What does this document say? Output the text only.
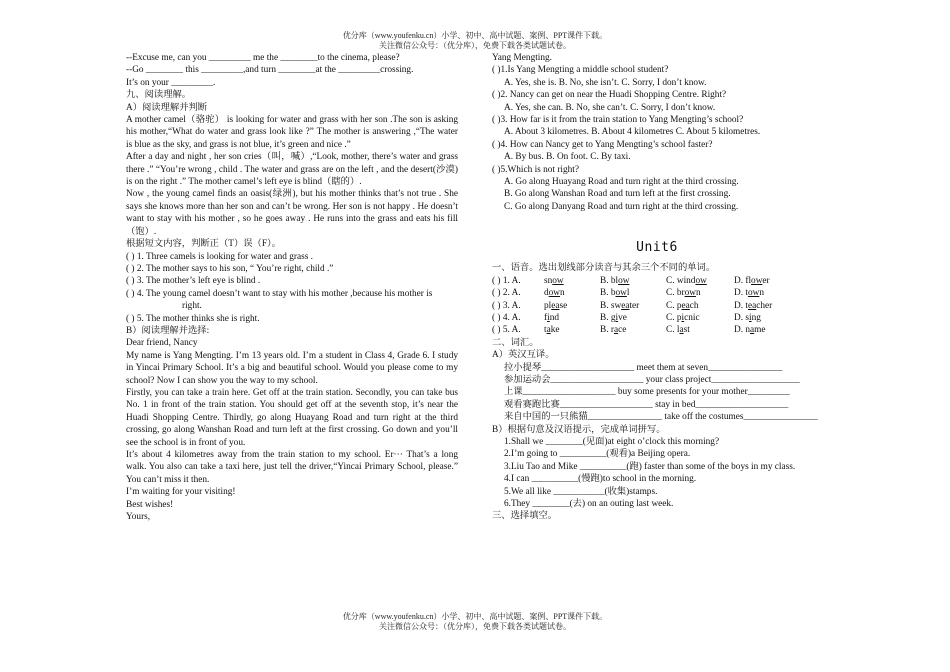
优分库（www.youfenku.cn）小学、初中、高中试题、案例、PPT课件下载。
关注微信公众号：（优分库），免费下载各类试题试卷。
--Excuse me, can you _________ me the ________to the cinema, please?
--Go ________ this _________,and turn ________at the _________crossing.
It’s on your _________.
九、阅读理解。
A）阅读理解并判断
A mother camel（骆驼） is looking for water and grass with her son .The son is asking his mother,“What do water and grass look like ?” The mother is answering ,“The water is blue as the sky, and grass is not blue, it’s green and nice .”
After a day and night , her son cries（叫，喊）,“Look, mother, there’s water and grass there .” “You’re wrong , child . The water and grass are on the left , and the desert(沙漠) is on the right .” The mother camel’s left eye is blind（瞎的）.
Now , the young camel finds an oasis(绿洲), but his mother thinks that’s not true . She says she knows more than her son and can’t be wrong. Her son is not happy . He doesn’t want to stay with his mother , so he goes away . He runs into the grass and eats his fill（饱）.
根据短文内容，判断正（T）误（F）。
( ) 1. Three camels is looking for water and grass .
( ) 2. The mother says to his son, “ You’re right, child .”
( ) 3. The mother’s left eye is blind .
( ) 4. The young camel doesn’t want to stay with his mother ,because his mother is
right.
( ) 5. The mother thinks she is right.
B）阅读理解并选择:
Dear friend, Nancy
My name is Yang Mengting. I’m 13 years old. I’m a student in Class 4, Grade 6. I study in Yincai Primary School. It’s a big and beautiful school. Would you please come to my school? Now I can show you the way to my school.
Firstly, you can take a train here. Get off at the train station. Secondly, you can take bus No. 1 in front of the train station. You should get off at the seventh stop, it’s near the Huadi Shopping Centre. Thirdly, go along Huayang Road and turn right at the third crossing, go along Wanshan Road and turn left at the first crossing. Go down and you’ll see the school is in front of you.
It’s about 4 kilometres away from the train station to my school. Er··· That’s a long walk. You also can take a taxi here, just tell the driver,“Yincai Primary School, please.” You can’t miss it then.
I’m waiting for your visiting!
Best wishes!
Yours,
Yang Mengting.
( )1.Is Yang Mengting a middle school student?
A. Yes, she is. B. No, she isn’t. C. Sorry, I don’t know.
( )2. Nancy can get on near the Huadi Shopping Centre. Right?
A. Yes, she can. B. No, she can’t. C. Sorry, I don’t know.
( )3. How far is it from the train station to Yang Mengting’s school?
A. About 3 kilometres. B. About 4 kilometres C. About 5 kilometres.
( )4. How can Nancy get to Yang Mengting’s school faster?
A. By bus. B. On foot. C. By taxi.
( )5.Which is not right?
A. Go along Huayang Road and turn right at the third crossing.
B. Go along Wanshan Road and turn left at the first crossing.
C. Go along Danyang Road and turn right at the third crossing.
Unit6
一、语音。选出划线部分读音与其余三个不同的单词。
( ) 1. A.	snow	B. blow	C. window	D. flower
( ) 2. A.	down	B. bowl	C. brown	D. town
( ) 3. A.	please	B. sweater	C. peach	D. teacher
( ) 4. A.	find	B. give	C. picnic	D. sing
( ) 5. A.	take	B. race	C. last	D. name
二、词汇。
A）英汉互译。
拉小提琴____________________ meet them at seven________________
参加运动会____________________ your class project___________________
上课____________________ buy some presents for your mother_________
观看赛跑比赛____________________ stay in bed____________________
来自中国的一只熊猫________________ take off the costumes________________
B）根据句意及汉语提示，完成单词拼写。
1.Shall we ________(见面)at eight o’clock this morning?
2.I’m going to __________(观看)a Beijing opera.
3.Liu Tao and Mike __________(跑) faster than some of the boys in my class.
4.I can __________(慢跑)to school in the morning.
5.We all like ___________(收集)stamps.
6.They ________(去) on an outing last week.
三、选择填空。
优分库（www.youfenku.cn）小学、初中、高中试题、案例、PPT课件下载。
关注微信公众号：（优分库），免费下载各类试题试卷。
